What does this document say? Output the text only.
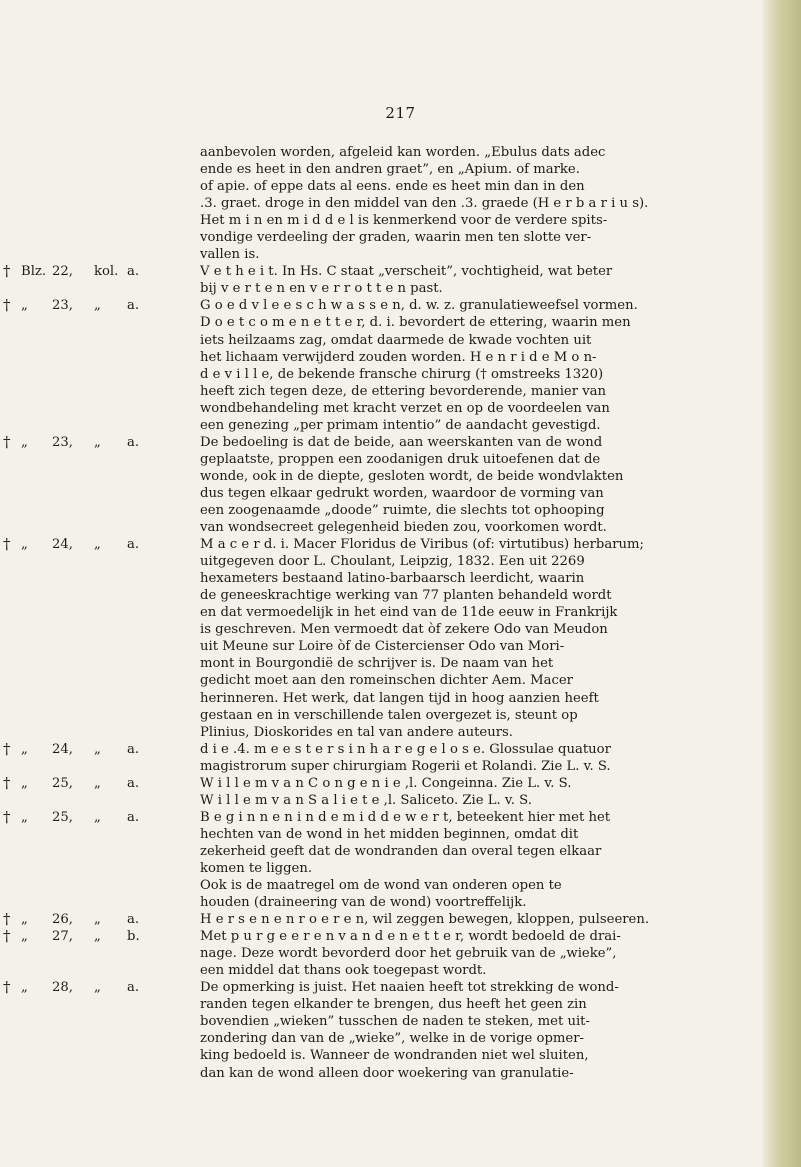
217
aanbevolen worden, afgeleid kan worden. „Ebulus dats adec
ende es heet in den andren graet”, en „Apium. of marke.
of apie. of eppe dats al eens. ende es heet min dan in den
.3. graet. droge in den middel van den .3. graede (H e r b a r i u s).
Het m i n en m i d d e l is kenmerkend voor de verdere spits-
vondige verdeeling der graden, waarin men ten slotte ver-
vallen is.
† Blz. 22, kol. a.	V e t h e i t. In Hs. C staat „verscheit”, vochtigheid, wat beter
bij v e r t e n en v e r r o t t e n past.
† „ 23, „ a.	G o e d v l e e s c h w a s s e n, d. w. z. granulatieweefsel vormen.
D o e t c o m e n e t t e r, d. i. bevordert de ettering, waarin men
iets heilzaams zag, omdat daarmede de kwade vochten uit
het lichaam verwijderd zouden worden. H e n r i d e M o n-
d e v i l l e, de bekende fransche chirurg († omstreeks 1320)
heeft zich tegen deze, de ettering bevorderende, manier van
wondbehandeling met kracht verzet en op de voordeelen van
een genezing „per primam intentio” de aandacht gevestigd.
† „ 23, „ a.	De bedoeling is dat de beide, aan weerskanten van de wond
geplaatste, proppen een zoodanigen druk uitoefenen dat de
wonde, ook in de diepte, gesloten wordt, de beide wondvlakten
dus tegen elkaar gedrukt worden, waardoor de vorming van
een zoogenaamde „doode” ruimte, die slechts tot ophooping
van wondsecreet gelegenheid bieden zou, voorkomen wordt.
† „ 24, „ a.	M a c e r d. i. Macer Floridus de Viribus (of: virtutibus) herbarum;
uitgegeven door L. Choulant, Leipzig, 1832. Een uit 2269
hexameters bestaand latino-barbaarsch leerdicht, waarin
de geneeskrachtige werking van 77 planten behandeld wordt
en dat vermoedelijk in het eind van de 11de eeuw in Frankrijk
is geschreven. Men vermoedt dat òf zekere Odo van Meudon
uit Meune sur Loire òf de Cistercienser Odo van Mori-
mont in Bourgondië de schrijver is. De naam van het
gedicht moet aan den romeinschen dichter Aem. Macer
herinneren. Het werk, dat langen tijd in hoog aanzien heeft
gestaan en in verschillende talen overgezet is, steunt op
Plinius, Dioskorides en tal van andere auteurs.
† „ 24, „ a.	d i e .4. m e e s t e r s i n h a r e g e l o s e. Glossulae quatuor
magistrorum super chirurgiam Rogerii et Rolandi. Zie L. v. S.
† „ 25, „ a.	W i l l e m v a n C o n g e n i e ,l. Congeinna. Zie L. v. S.
W i l l e m v a n S a l i e t e ,l. Saliceto. Zie L. v. S.
† „ 25, „ a.	B e g i n n e n i n d e m i d d e w e r t, beteekent hier met het
hechten van de wond in het midden beginnen, omdat dit
zekerheid geeft dat de wondranden dan overal tegen elkaar
komen te liggen.
Ook is de maatregel om de wond van onderen open te
houden (draineering van de wond) voortreffelijk.
† „ 26, „ a.	H e r s e n e n r o e r e n, wil zeggen bewegen, kloppen, pulseeren.
† „ 27, „ b.	Met p u r g e e r e n v a n d e n e t t e r, wordt bedoeld de drai-
nage. Deze wordt bevorderd door het gebruik van de „wieke”,
een middel dat thans ook toegepast wordt.
† „ 28, „ a.	De opmerking is juist. Het naaien heeft tot strekking de wond-
randen tegen elkander te brengen, dus heeft het geen zin
bovendien „wieken” tusschen de naden te steken, met uit-
zondering dan van de „wieke”, welke in de vorige opmer-
king bedoeld is. Wanneer de wondranden niet wel sluiten,
dan kan de wond alleen door woekering van granulatie-
